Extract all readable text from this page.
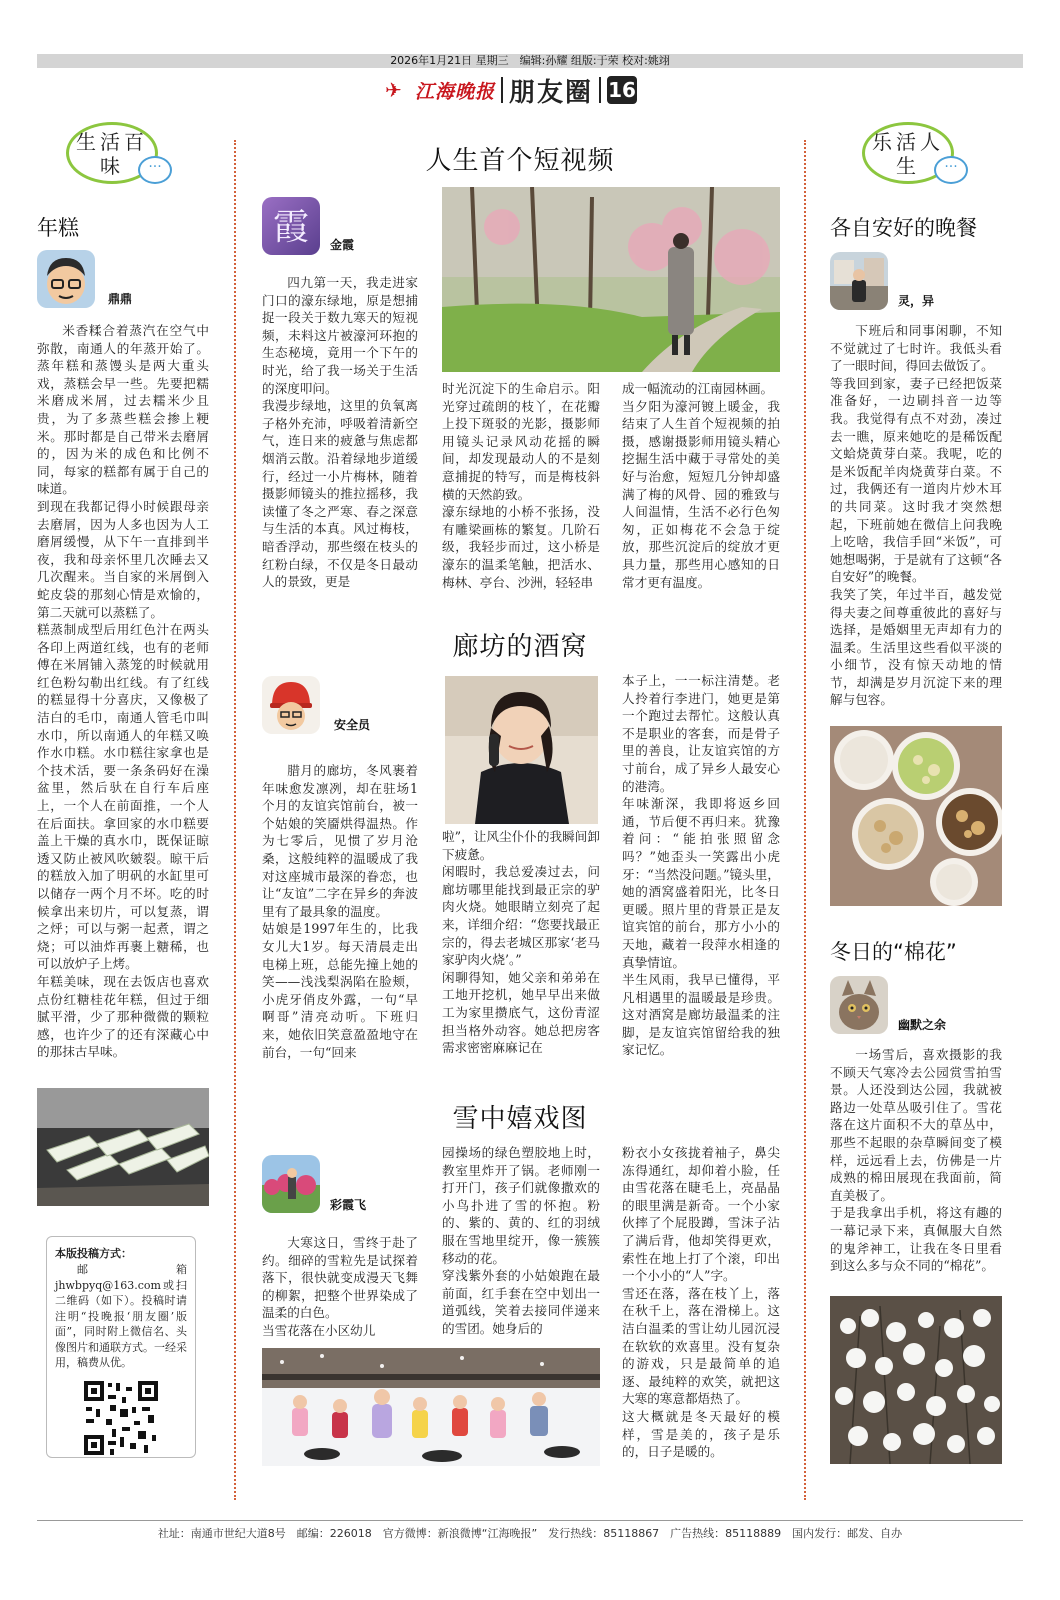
2026年1月21日 星期三　编辑:孙耀 组版:于荣 校对:姚翊
✈ 江海晚报 朋友圈 16
生活百味	···
年糕
鼎鼎
米香糅合着蒸汽在空气中弥散，南通人的年蒸开始了。蒸年糕和蒸馒头是两大重头戏，蒸糕会早一些。先要把糯米磨成米屑，过去糯米少且贵，为了多蒸些糕会掺上粳米。那时都是自己带米去磨屑的，因为米的成色和比例不同，每家的糕都有属于自己的味道。
到现在我都记得小时候跟母亲去磨屑，因为人多也因为人工磨屑缓慢，从下午一直排到半夜，我和母亲怀里几次睡去又几次醒来。当自家的米屑倒入蛇皮袋的那刻心情是欢愉的，第二天就可以蒸糕了。
糕蒸制成型后用红色汁在两头各印上两道红线，也有的老师傅在米屑铺入蒸笼的时候就用红色粉勾勒出红线。有了红线的糕显得十分喜庆，又像极了洁白的毛巾，南通人管毛巾叫水巾，所以南通人的年糕又唤作水巾糕。水巾糕往家拿也是个技术活，要一条条码好在澡盆里，然后驮在自行车后座上，一个人在前面推，一个人在后面扶。拿回家的水巾糕要盖上干燥的真水巾，既保证晾透又防止被风吹皴裂。晾干后的糕放入加了明矾的水缸里可以储存一两个月不坏。吃的时候拿出来切片，可以复蒸，谓之烀；可以与粥一起煮，谓之烧；可以油炸再裹上糖稀，也可以放炉子上烤。
年糕美味，现在去饭店也喜欢点份红糖桂花年糕，但过于细腻平滑，少了那种微微的颗粒感，也许少了的还有深藏心中的那抹古早味。
本版投稿方式：
邮箱jhwbpyq@163.com或扫二维码（如下）。投稿时请注明“投晚报‘朋友圈’版面”，同时附上微信名、头像图片和通联方式。一经采用，稿费从优。
人生首个短视频
霞 金霞
四九第一天，我走进家门口的濠东绿地，原是想捕捉一段关于数九寒天的短视频，未料这片被濠河环抱的生态秘境，竟用一个下午的时光，给了我一场关于生活的深度叩问。
我漫步绿地，这里的负氧离子格外充沛，呼吸着清新空气，连日来的疲惫与焦虑都烟消云散。沿着绿地步道缓行，经过一小片梅林，随着摄影师镜头的推拉摇移，我读懂了冬之严寒、春之深意与生活的本真。风过梅枝，暗香浮动，那些缀在枝头的红粉白绿，不仅是冬日最动人的景致，更是
时光沉淀下的生命启示。阳光穿过疏朗的枝丫，在花瓣上投下斑驳的光影，摄影师用镜头记录风动花摇的瞬间，却发现最动人的不是刻意捕捉的特写，而是梅枝斜横的天然韵致。
濠东绿地的小桥不张扬，没有雕梁画栋的繁复。几阶石级，我轻步而过，这小桥是濠东的温柔笔触，把活水、梅林、亭台、沙洲，轻轻串
成一幅流动的江南园林画。
当夕阳为濠河镀上暖金，我结束了人生首个短视频的拍摄，感谢摄影师用镜头精心挖掘生活中藏于寻常处的美好与治愈，短短几分钟却盛满了梅的风骨、园的雅致与人间温情，生活不必行色匆匆，正如梅花不会急于绽放，那些沉淀后的绽放才更具力量，那些用心感知的日常才更有温度。
廊坊的酒窝
安全员
腊月的廊坊，冬风裹着年味愈发凛冽，却在驻场1个月的友谊宾馆前台，被一个姑娘的笑靥烘得温热。作为七零后，见惯了岁月沧桑，这般纯粹的温暖成了我对这座城市最深的眷恋，也让“友谊”二字在异乡的奔波里有了最具象的温度。
姑娘是1997年生的，比我女儿大1岁。每天清晨走出电梯上班，总能先撞上她的笑——浅浅梨涡陷在脸颊，小虎牙俏皮外露，一句“早啊哥”清亮动听。下班归来，她依旧笑意盈盈地守在前台，一句“回来
啦”，让风尘仆仆的我瞬间卸下疲惫。
闲暇时，我总爱凑过去，问廊坊哪里能找到最正宗的驴肉火烧。她眼睛立刻亮了起来，详细介绍：“您要找最正宗的，得去老城区那家‘老马家驴肉火烧’。”
闲聊得知，她父亲和弟弟在工地开挖机，她早早出来做工为家里攒底气，这份青涩担当格外动容。她总把房客需求密密麻麻记在
本子上，一一标注清楚。老人拎着行李进门，她更是第一个跑过去帮忙。这般认真不是职业的客套，而是骨子里的善良，让友谊宾馆的方寸前台，成了异乡人最安心的港湾。
年味渐深，我即将返乡回通，节后便不再归来。犹豫着问：“能拍张照留念吗？”她歪头一笑露出小虎牙：“当然没问题。”镜头里，她的酒窝盛着阳光，比冬日更暖。照片里的背景正是友谊宾馆的前台，那方小小的天地，藏着一段萍水相逢的真挚情谊。
半生风雨，我早已懂得，平凡相遇里的温暖最是珍贵。这对酒窝是廊坊最温柔的注脚，是友谊宾馆留给我的独家记忆。
雪中嬉戏图
彩霞飞
大寒这日，雪终于赴了约。细碎的雪粒先是试探着落下，很快就变成漫天飞舞的柳絮，把整个世界染成了温柔的白色。
当雪花落在小区幼儿
园操场的绿色塑胶地上时，教室里炸开了锅。老师刚一打开门，孩子们就像撒欢的小鸟扑进了雪的怀抱。粉的、紫的、黄的、红的羽绒服在雪地里绽开，像一簇簇移动的花。
穿浅紫外套的小姑娘跑在最前面，红手套在空中划出一道弧线，笑着去接同伴递来的雪团。她身后的
粉衣小女孩拢着袖子，鼻尖冻得通红，却仰着小脸，任由雪花落在睫毛上，亮晶晶的眼里满是新奇。一个小家伙摔了个屁股蹲，雪沫子沾了满后背，他却笑得更欢，索性在地上打了个滚，印出一个小小的“人”字。
雪还在落，落在枝丫上，落在秋千上，落在滑梯上。这洁白温柔的雪让幼儿园沉浸在软软的欢喜里。没有复杂的游戏，只是最简单的追逐、最纯粹的欢笑，就把这大寒的寒意都焐热了。
这大概就是冬天最好的模样，雪是美的，孩子是乐的，日子是暖的。
乐活人生	···
各自安好的晚餐
灵，异
下班后和同事闲聊，不知不觉就过了七时许。我低头看了一眼时间，得回去做饭了。
等我回到家，妻子已经把饭菜准备好，一边刷抖音一边等我。我觉得有点不对劲，凑过去一瞧，原来她吃的是稀饭配文蛤烧黄芽白菜。我呢，吃的是米饭配羊肉烧黄芽白菜。不过，我俩还有一道肉片炒木耳的共同菜。这时我才突然想起，下班前她在微信上问我晚上吃啥，我信手回“米饭”，可她想喝粥，于是就有了这顿“各自安好”的晚餐。
我笑了笑，年过半百，越发觉得夫妻之间尊重彼此的喜好与选择，是婚姻里无声却有力的温柔。生活里这些看似平淡的小细节，没有惊天动地的情节，却满是岁月沉淀下来的理解与包容。
冬日的“棉花”
幽默之余
一场雪后，喜欢摄影的我不顾天气寒冷去公园赏雪拍雪景。人还没到达公园，我就被路边一处草丛吸引住了。雪花落在这片面积不大的草丛中，那些不起眼的杂草瞬间变了模样，远远看上去，仿佛是一片成熟的棉田展现在我面前，简直美极了。
于是我拿出手机，将这有趣的一幕记录下来，真佩服大自然的鬼斧神工，让我在冬日里看到这么多与众不同的“棉花”。
社址：南通市世纪大道8号　邮编：226018　官方微博：新浪微博“江海晚报”　发行热线：85118867　广告热线：85118889　国内发行：邮发、自办
